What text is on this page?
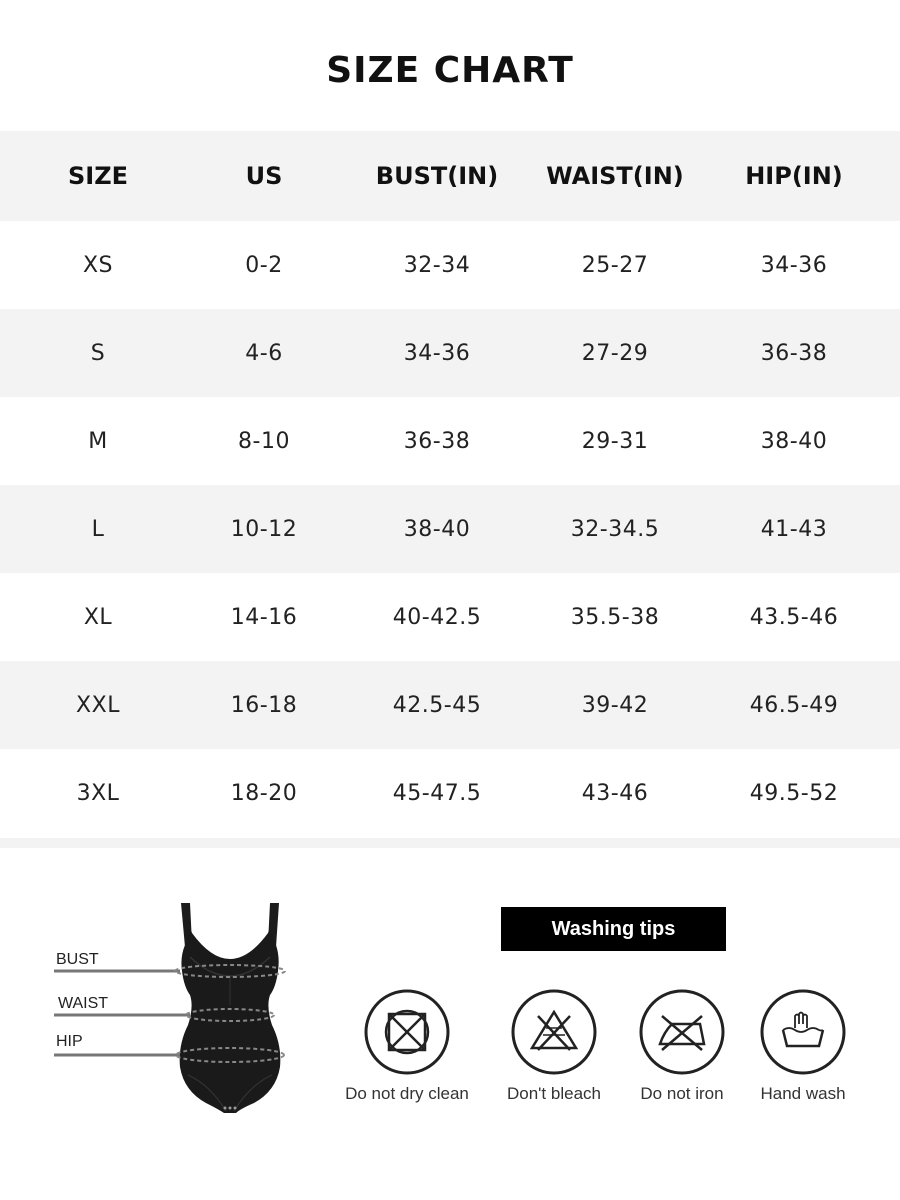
SIZE CHART
SIZE	US	BUST(IN)	WAIST(IN)	HIP(IN)
XS	0-2	32-34	25-27	34-36
S	4-6	34-36	27-29	36-38
M	8-10	36-38	29-31	38-40
L	10-12	38-40	32-34.5	41-43
XL	14-16	40-42.5	35.5-38	43.5-46
XXL	16-18	42.5-45	39-42	46.5-49
3XL	18-20	45-47.5	43-46	49.5-52
BUST
WAIST
HIP
Washing tips
Do not dry clean	Don't bleach	Do not iron	Hand wash
